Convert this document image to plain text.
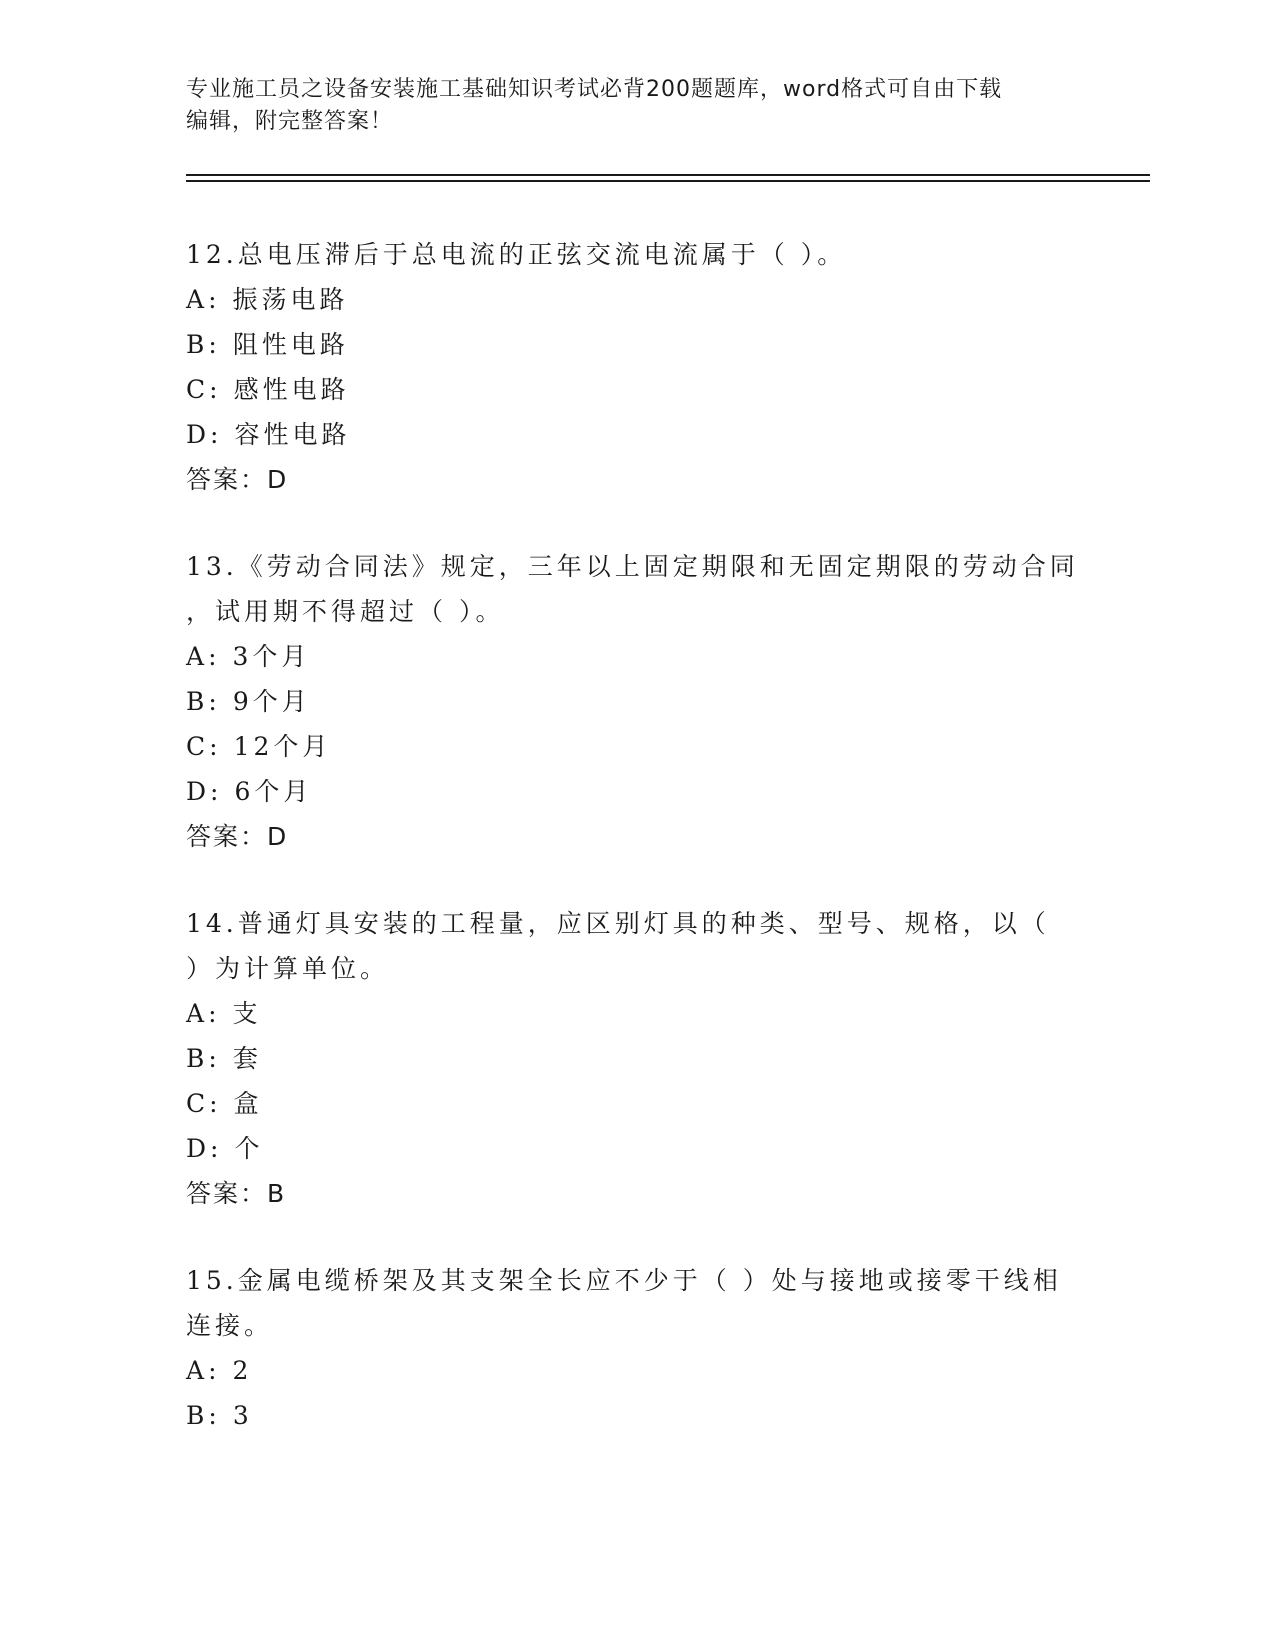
专业施工员之设备安装施工基础知识考试必背200题题库，word格式可自由下载
编辑，附完整答案！

12.总电压滞后于总电流的正弦交流电流属于（ ）。

A: 振荡电路

B: 阻性电路

C: 感性电路

D: 容性电路

答案：D

13.《劳动合同法》规定，三年以上固定期限和无固定期限的劳动合同

，试用期不得超过（ ）。

A: 3个月

B: 9个月

C: 12个月

D: 6个月

答案：D

14.普通灯具安装的工程量，应区别灯具的种类、型号、规格，以（

）为计算单位。

A: 支

B: 套

C: 盒

D: 个

答案：B

15.金属电缆桥架及其支架全长应不少于（ ）处与接地或接零干线相

连接。

A: 2

B: 3
